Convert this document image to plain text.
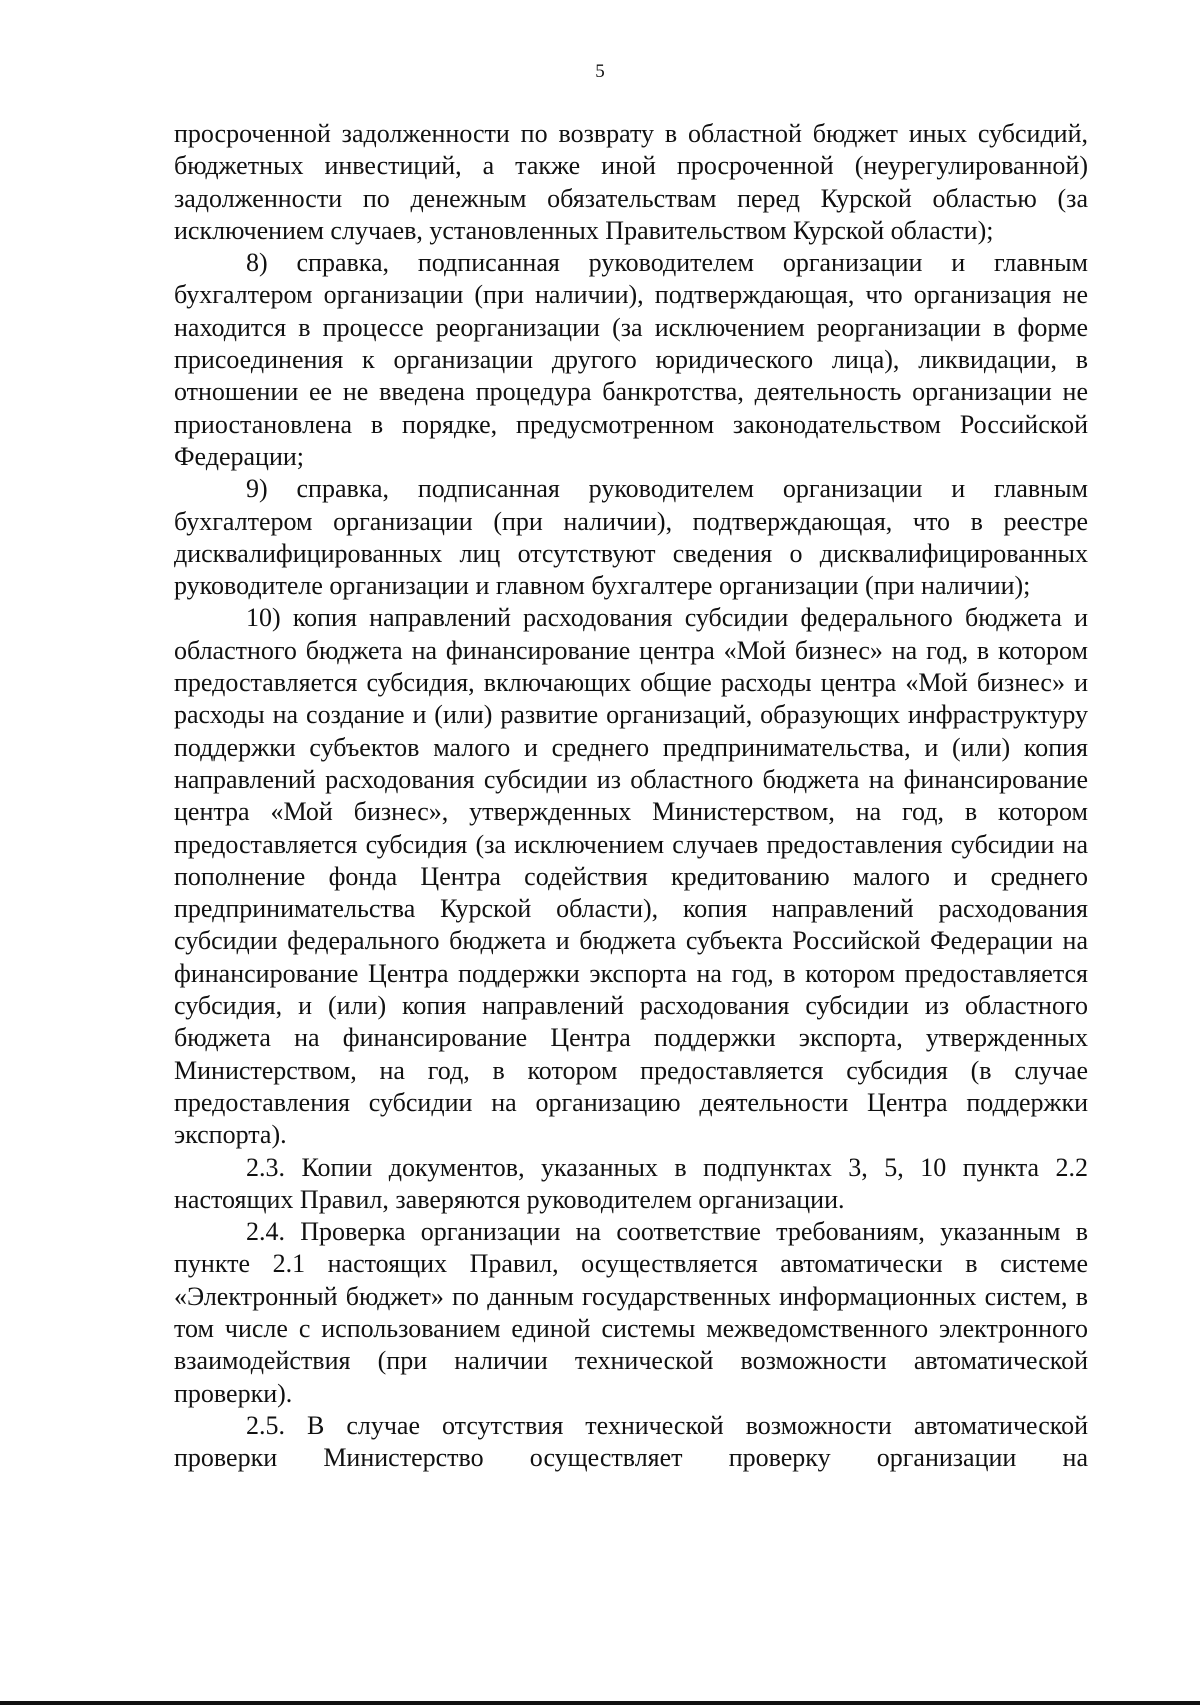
5

просроченной задолженности по возврату в областной бюджет иных субсидий, бюджетных инвестиций, а также иной просроченной (неурегулированной) задолженности по денежным обязательствам перед Курской областью (за исключением случаев, установленных Правительством Курской области);

8) справка, подписанная руководителем организации и главным бухгалтером организации (при наличии), подтверждающая, что организация не находится в процессе реорганизации (за исключением реорганизации в форме присоединения к организации другого юридического лица), ликвидации, в отношении ее не введена процедура банкротства, деятельность организации не приостановлена в порядке, предусмотренном законодательством Российской Федерации;

9) справка, подписанная руководителем организации и главным бухгалтером организации (при наличии), подтверждающая, что в реестре дисквалифицированных лиц отсутствуют сведения о дисквалифицированных руководителе организации и главном бухгалтере организации (при наличии);

10) копия направлений расходования субсидии федерального бюджета и областного бюджета на финансирование центра «Мой бизнес» на год, в котором предоставляется субсидия, включающих общие расходы центра «Мой бизнес» и расходы на создание и (или) развитие организаций, образующих инфраструктуру поддержки субъектов малого и среднего предпринимательства, и (или) копия направлений расходования субсидии из областного бюджета на финансирование центра «Мой бизнес», утвержденных Министерством, на год, в котором предоставляется субсидия (за исключением случаев предоставления субсидии на пополнение фонда Центра содействия кредитованию малого и среднего предпринимательства Курской области), копия направлений расходования субсидии федерального бюджета и бюджета субъекта Российской Федерации на финансирование Центра поддержки экспорта на год, в котором предоставляется субсидия, и (или) копия направлений расходования субсидии из областного бюджета на финансирование Центра поддержки экспорта, утвержденных Министерством, на год, в котором предоставляется субсидия (в случае предоставления субсидии на организацию деятельности Центра поддержки экспорта).

2.3. Копии документов, указанных в подпунктах 3, 5, 10 пункта 2.2 настоящих Правил, заверяются руководителем организации.

2.4. Проверка организации на соответствие требованиям, указанным в пункте 2.1 настоящих Правил, осуществляется автоматически в системе «Электронный бюджет» по данным государственных информационных систем, в том числе с использованием единой системы межведомственного электронного взаимодействия (при наличии технической возможности автоматической проверки).

2.5. В случае отсутствия технической возможности автоматической проверки Министерство осуществляет проверку организации на
